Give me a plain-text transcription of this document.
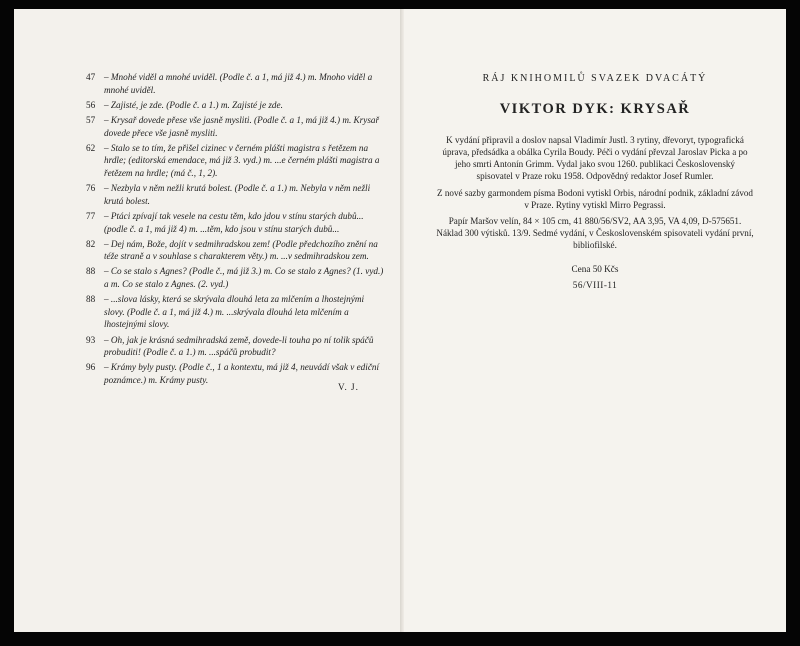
47 – Mnohé viděl a mnohé uviděl. (Podle č. a 1, má již 4.) m. Mnoho viděl a mnohé uviděl.
56 – Zajisté, je zde. (Podle č. a 1.) m. Zajisté je zde.
57 – Krysař dovede přese vše jasně mysliti. (Podle č. a 1, má již 4.) m. Krysař dovede přece vše jasně mysliti.
62 – Stalo se to tím, že přišel cizinec v černém plášti magistra s řetězem na hrdle; (editorská emendace, má již 3. vyd.) m. ...e černém plášti magistra a řetězem na hrdle; (má č., 1, 2).
76 – Nezbyla v něm nežli krutá bolest. (Podle č. a 1.) m. Nebyla v něm nežli krutá bolest.
77 – Ptáci zpívají tak vesele na cestu těm, kdo jdou v stínu starých dubů... (podle č. a 1, má již 4) m. ...těm, kdo jsou v stínu starých dubů...
82 – Dej nám, Bože, dojít v sedmihradskou zem! (Podle předchozího znění na téže straně a v souhlase s charakterem věty.) m. ...v sedmihradskou zem.
88 – Co se stalo s Agnes? (Podle č., má již 3.) m. Co se stalo z Agnes? (1. vyd.) a m. Co se stalo z Agnes. (2. vyd.)
88 – ...slova lásky, která se skrývala dlouhá leta za mlčením a lhostejnými slovy. (Podle č. a 1, má již 4.) m. ...skrývala dlouhá leta mlčením a lhostejnými slovy.
93 – Oh, jak je krásná sedmihradská země, dovede-li touha po ní tolik spáčů probuditi! (Podle č. a 1.) m. ...spáčů probudit?
96 – Krámy byly pusty. (Podle č., 1 a kontextu, má již 4, neuvádí však v ediční poznámce.) m. Krámy pusty.
V. J.
RÁJ KNIHOMILŮ SVAZEK DVACÁTÝ
VIKTOR DYK: KRYSAŘ

K vydání připravil a doslov napsal Vladimír Justl. 3 rytiny, dřevoryt, typografická úprava, předsádka a obálka Cyrila Boudy. Péči o vydání převzal Jaroslav Picka a po jeho smrti Antonín Grimm. Vydal jako svou 1260. publikaci Československý spisovatel v Praze roku 1958. Odpovědný redaktor Josef Rumler.

Z nové sazby garmondem písma Bodoni vytiskl Orbis, národní podnik, základní závod v Praze. Rytiny vytiskl Mirro Pegrassi.

Papír Maršov velín, 84 × 105 cm, 41 880/56/SV2, AA 3,95, VA 4,09, D-575651. Náklad 300 výtisků. 13/9. Sedmé vydání, v Československém spisovateli vydání první, bibliofilské.

Cena 50 Kčs
56/VIII-11
